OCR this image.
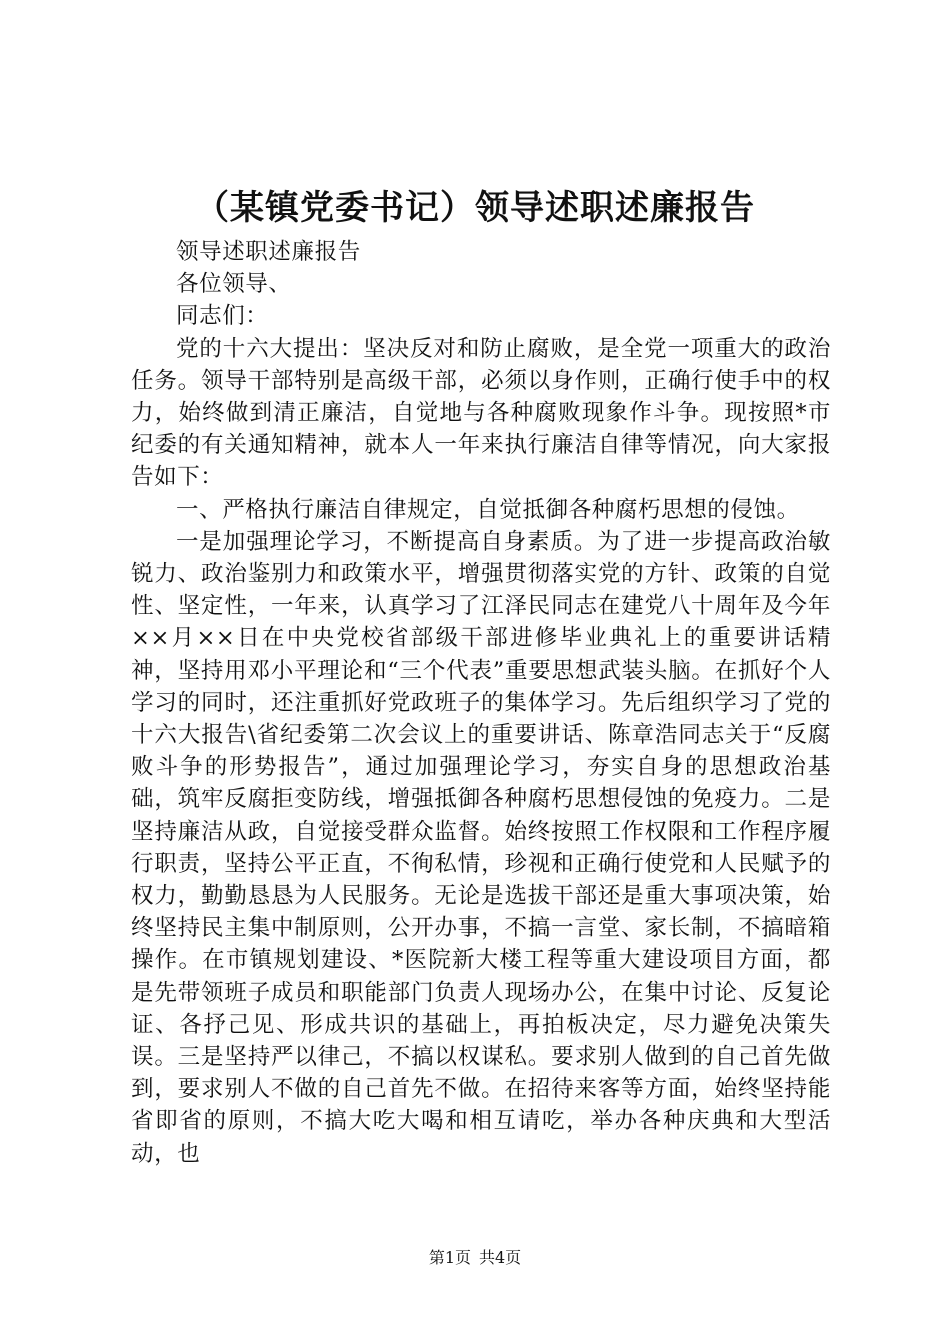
（某镇党委书记）领导述职述廉报告

领导述职述廉报告

各位领导、

同志们：

党的十六大提出：坚决反对和防止腐败，是全党一项重大的政治任务。领导干部特别是高级干部，必须以身作则，正确行使手中的权力，始终做到清正廉洁，自觉地与各种腐败现象作斗争。现按照*市纪委的有关通知精神，就本人一年来执行廉洁自律等情况，向大家报告如下：

一、严格执行廉洁自律规定，自觉抵御各种腐朽思想的侵蚀。

一是加强理论学习，不断提高自身素质。为了进一步提高政治敏锐力、政治鉴别力和政策水平，增强贯彻落实党的方针、政策的自觉性、坚定性，一年来，认真学习了江泽民同志在建党八十周年及今年××月××日在中央党校省部级干部进修毕业典礼上的重要讲话精神，坚持用邓小平理论和“三个代表”重要思想武装头脑。在抓好个人学习的同时，还注重抓好党政班子的集体学习。先后组织学习了党的十六大报告\省纪委第二次会议上的重要讲话、陈章浩同志关于“反腐败斗争的形势报告”，通过加强理论学习，夯实自身的思想政治基础，筑牢反腐拒变防线，增强抵御各种腐朽思想侵蚀的免疫力。二是坚持廉洁从政，自觉接受群众监督。始终按照工作权限和工作程序履行职责，坚持公平正直，不徇私情，珍视和正确行使党和人民赋予的权力，勤勤恳恳为人民服务。无论是选拔干部还是重大事项决策，始终坚持民主集中制原则，公开办事，不搞一言堂、家长制，不搞暗箱操作。在市镇规划建设、*医院新大楼工程等重大建设项目方面，都是先带领班子成员和职能部门负责人现场办公，在集中讨论、反复论证、各抒己见、形成共识的基础上，再拍板决定，尽力避免决策失误。三是坚持严以律己，不搞以权谋私。要求别人做到的自己首先做到，要求别人不做的自己首先不做。在招待来客等方面，始终坚持能省即省的原则，不搞大吃大喝和相互请吃，举办各种庆典和大型活动，也

第1页 共4页
